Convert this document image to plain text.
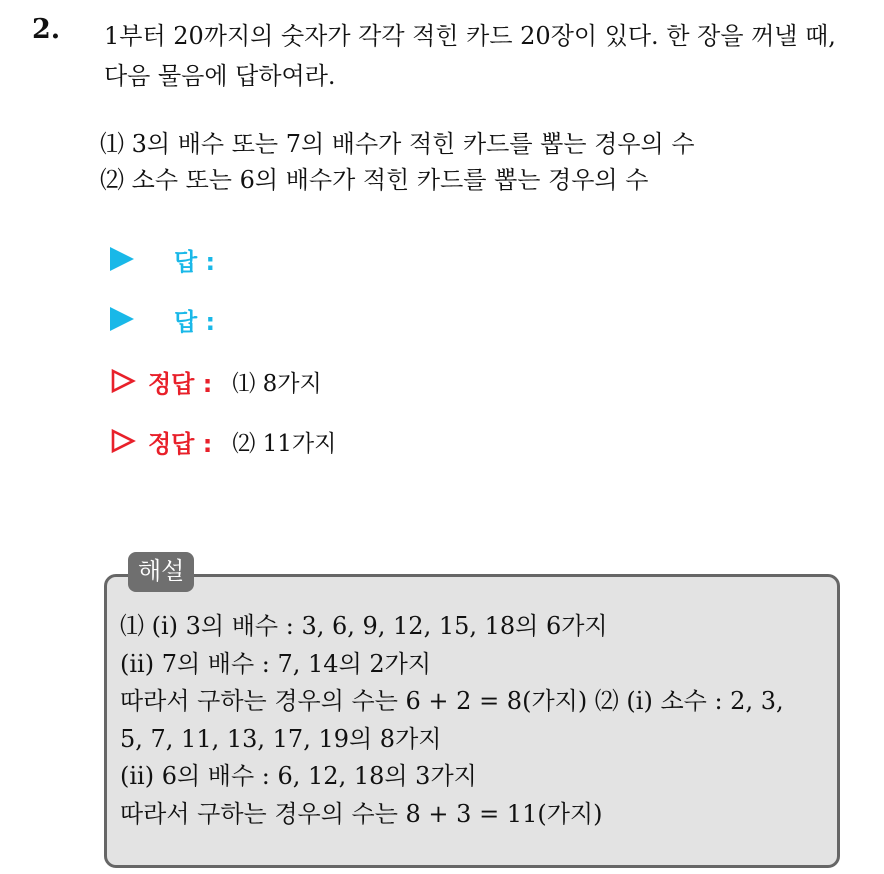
2. 1부터 20까지의 숫자가 각각 적힌 카드 20장이 있다. 한 장을 꺼낼 때, 다음 물음에 답하여라.
⑴ 3의 배수 또는 7의 배수가 적힌 카드를 뽑는 경우의 수
⑵ 소수 또는 6의 배수가 적힌 카드를 뽑는 경우의 수
답 :
답 :
정답 : ⑴ 8가지
정답 : ⑵ 11가지
해설
⑴ (i) 3의 배수 : 3, 6, 9, 12, 15, 18의 6가지
(ii) 7의 배수 : 7, 14의 2가지
따라서 구하는 경우의 수는 6 + 2 = 8(가지) ⑵ (i) 소수 : 2, 3,
5, 7, 11, 13, 17, 19의 8가지
(ii) 6의 배수 : 6, 12, 18의 3가지
따라서 구하는 경우의 수는 8 + 3 = 11(가지)
